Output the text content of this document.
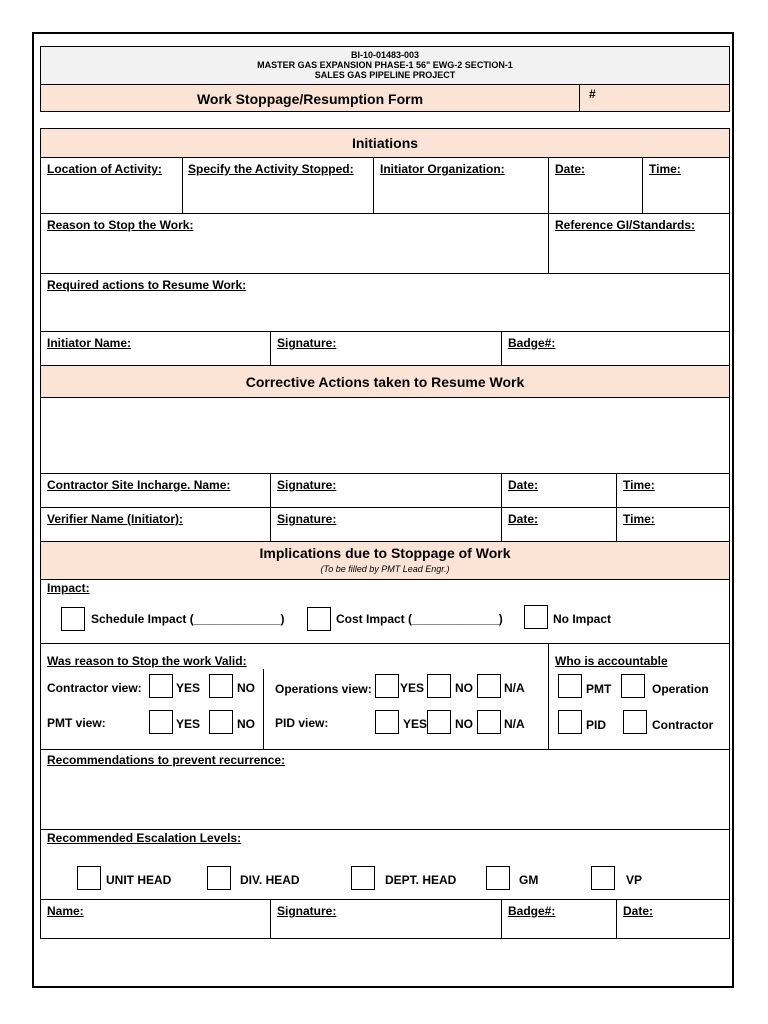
BI-10-01483-003
MASTER GAS EXPANSION PHASE-1 56" EWG-2 SECTION-1
SALES GAS PIPELINE PROJECT
Work Stoppage/Resumption Form	#
Initiations
Location of Activity: Specify the Activity Stopped: Initiator Organization:	Date:	Time:
Reason to Stop the Work:	Reference GI/Standards:
Required actions to Resume Work:
Initiator Name:	Signature:	Badge#:
Corrective Actions taken to Resume Work
Contractor Site Incharge. Name:	Signature:	Date:	Time:
Verifier Name (Initiator):	Signature:	Date:	Time:
Implications due to Stoppage of Work
(To be filled by PMT Lead Engr.)
Impact:
Schedule Impact (_____________)	Cost Impact (_____________)	No Impact
Was reason to Stop the work Valid:	Who is accountable
Contractor view:	YES	NO Operations view: YES	NO	N/A	PMT	Operation
PMT view:	YES	NO PID view:	YES NO	N/A	PID	Contractor
Recommendations to prevent recurrence:
Recommended Escalation Levels:
UNIT HEAD	DIV. HEAD	DEPT. HEAD	GM	VP
Name:	Signature:	Badge#:	Date:
